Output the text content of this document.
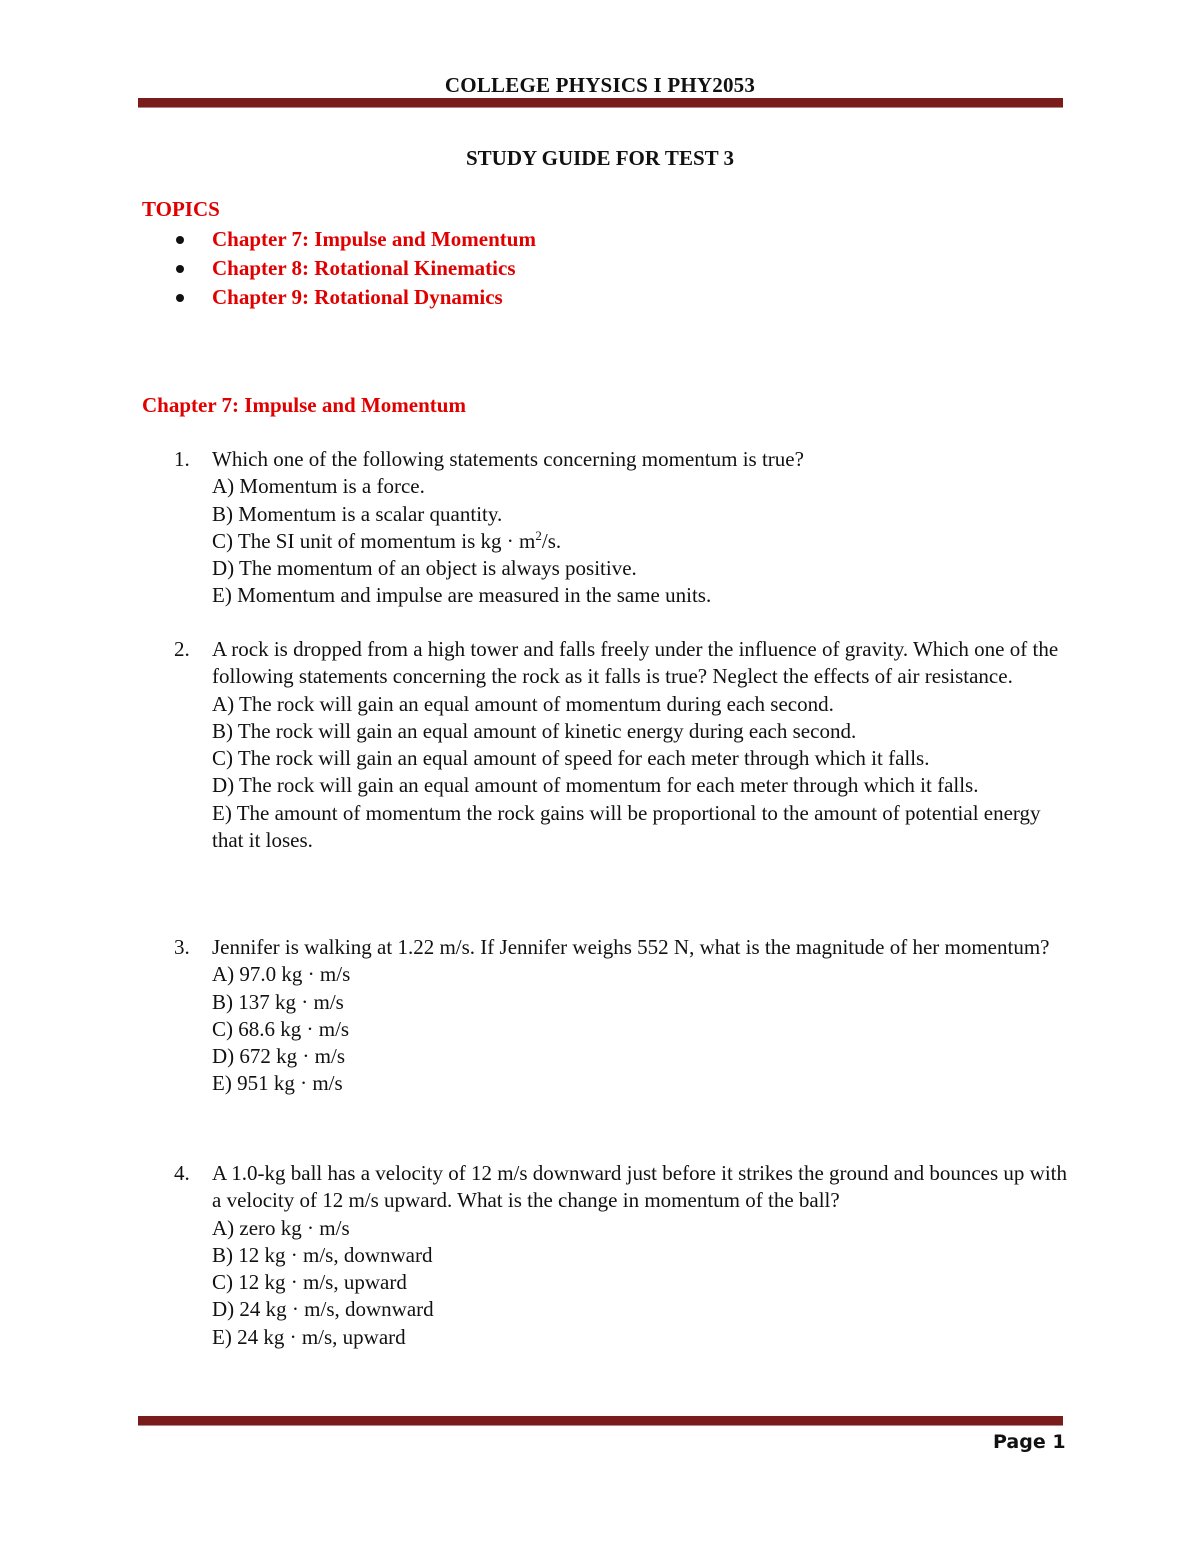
COLLEGE PHYSICS I PHY2053
STUDY GUIDE FOR TEST 3
TOPICS
Chapter 7: Impulse and Momentum
Chapter 8: Rotational Kinematics
Chapter 9: Rotational Dynamics
Chapter 7: Impulse and Momentum
1. Which one of the following statements concerning momentum is true?
A) Momentum is a force.
B) Momentum is a scalar quantity.
C) The SI unit of momentum is kg · $m^2/s$.
D) The momentum of an object is always positive.
E) Momentum and impulse are measured in the same units.
2. A rock is dropped from a high tower and falls freely under the influence of gravity. Which one of the following statements concerning the rock as it falls is true? Neglect the effects of air resistance.
A) The rock will gain an equal amount of momentum during each second.
B) The rock will gain an equal amount of kinetic energy during each second.
C) The rock will gain an equal amount of speed for each meter through which it falls.
D) The rock will gain an equal amount of momentum for each meter through which it falls.
E) The amount of momentum the rock gains will be proportional to the amount of potential energy that it loses.
3. Jennifer is walking at 1.22 m/s. If Jennifer weighs 552 N, what is the magnitude of her momentum?
A) 97.0 kg · m/s
B) 137 kg · m/s
C) 68.6 kg · m/s
D) 672 kg · m/s
E) 951 kg · m/s
4. A 1.0-kg ball has a velocity of 12 m/s downward just before it strikes the ground and bounces up with a velocity of 12 m/s upward. What is the change in momentum of the ball?
A) zero kg · m/s
B) 12 kg · m/s, downward
C) 12 kg · m/s, upward
D) 24 kg · m/s, downward
E) 24 kg · m/s, upward
Page 1
